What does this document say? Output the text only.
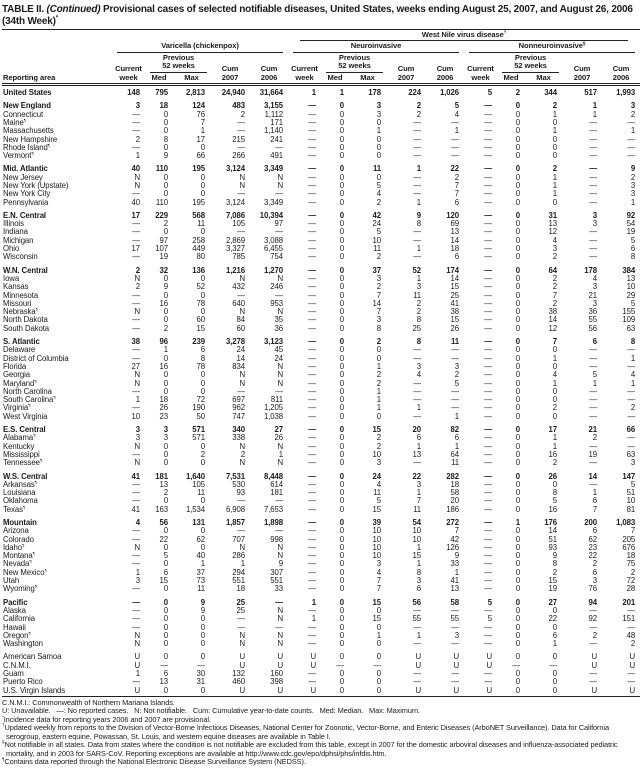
TABLE II. (Continued) Provisional cases of selected notifiable diseases, United States, weeks ending August 25, 2007, and August 26, 2006 (34th Week)*
Reporting area						West Nile virus disease†

	Varicella (chickenpox)					Neuroinvasive					Nonneuroinvasive§

	Current
week	Previous
52 weeks		Cum
2007	Cum
2006	Current
week	Previous
52 weeks		Cum
2007	Cum
2006	Current
week	Previous
52 weeks		Cum
2007	Cum
2006

		Med	Max				Med	Max				Med	Max		
United States	148	795	2,813	24,940	31,664	1	1	178	224	1,026	5	2	344	517	1,993
New England	3	18	124	483	3,155	—	0	3	2	5	—	0	2	1	3
Connecticut	—	0	76	2	1,112	—	0	3	2	4	—	0	1	1	2
Maine¶	—	0	7	—	171	—	0	0	—	—	—	0	0	—	—
Massachusetts	—	0	1	—	1,140	—	0	1	—	1	—	0	1	—	1
New Hampshire	2	8	17	215	241	—	0	0	—	—	—	0	0	—	—
Rhode Island¶	—	0	0	—	—	—	0	0	—	—	—	0	0	—	—
Vermont¶	1	9	66	266	491	—	0	0	—	—	—	0	0	—	—
Mid. Atlantic	40	110	195	3,124	3,349	—	0	11	1	22	—	0	2	—	9
New Jersey	N	0	0	N	N	—	0	0	—	2	—	0	1	—	2
New York (Upstate)	N	0	0	N	N	—	0	5	—	7	—	0	1	—	3
New York City	—	0	0	—	—	—	0	4	—	7	—	0	1	—	3
Pennsylvania	40	110	195	3,124	3,349	—	0	2	1	6	—	0	0	—	1
E.N. Central	17	229	568	7,086	10,394	—	0	42	9	120	—	0	31	3	92
Illinois	—	2	11	105	97	—	0	24	8	69	—	0	13	3	54
Indiana	—	0	0	—	—	—	0	5	—	13	—	0	12	—	19
Michigan	—	97	258	2,869	3,088	—	0	10	—	14	—	0	4	—	5
Ohio	17	107	449	3,327	6,455	—	0	11	1	18	—	0	3	—	6
Wisconsin	—	19	80	785	754	—	0	2	—	6	—	0	2	—	8
W.N. Central	2	32	136	1,216	1,270	—	0	37	52	174	—	0	64	178	384
Iowa	N	0	0	N	N	—	0	3	1	14	—	0	2	4	13
Kansas	2	9	52	432	246	—	0	2	3	15	—	0	2	3	10
Minnesota	—	0	0	—	—	—	0	7	11	25	—	0	7	21	29
Missouri	—	16	78	640	953	—	0	14	2	41	—	0	2	3	5
Nebraska¶	N	0	0	N	N	—	0	7	2	38	—	0	38	36	155
North Dakota	—	0	60	84	35	—	0	3	8	15	—	0	14	55	109
South Dakota	—	2	15	60	36	—	0	8	25	26	—	0	12	56	63
S. Atlantic	38	96	239	3,278	3,123	—	0	2	8	11	—	0	7	6	8
Delaware	—	1	6	24	45	—	0	0	—	—	—	0	0	—	—
District of Columbia	—	0	8	14	24	—	0	0	—	—	—	0	1	—	1
Florida	27	16	78	834	N	—	0	1	3	3	—	0	0	—	—
Georgia	N	0	0	N	N	—	0	2	4	2	—	0	4	5	4
Maryland¶	N	0	0	N	N	—	0	2	—	5	—	0	1	1	1
North Carolina	—	0	0	—	—	—	0	1	—	—	—	0	0	—	—
South Carolina¶	1	18	72	697	811	—	0	1	—	—	—	0	0	—	—
Virginia¶	—	26	190	962	1,205	—	0	1	1	—	—	0	2	—	2
West Virginia	10	23	50	747	1,038	—	0	0	—	1	—	0	0	—	—
E.S. Central	3	3	571	340	27	—	0	15	20	82	—	0	17	21	66
Alabama¶	3	3	571	338	26	—	0	2	6	6	—	0	1	2	—
Kentucky	N	0	0	N	N	—	0	2	1	1	—	0	1	—	—
Mississippi	—	0	2	2	1	—	0	10	13	64	—	0	16	19	63
Tennessee¶	N	0	0	N	N	—	0	3	—	11	—	0	2	—	3
W.S. Central	41	181	1,640	7,531	8,448	—	0	24	22	282	—	0	26	14	147
Arkansas¶	—	13	105	530	614	—	0	4	3	18	—	0	0	—	5
Louisiana	—	2	11	93	181	—	0	11	1	58	—	0	8	1	51
Oklahoma	—	0	0	—	—	—	0	5	7	20	—	0	5	6	10
Texas¶	41	163	1,534	6,908	7,653	—	0	15	11	186	—	0	16	7	81
Mountain	4	56	131	1,857	1,898	—	0	39	54	272	—	1	176	200	1,083
Arizona	—	0	0	—	—	—	0	10	10	7	—	0	14	6	7
Colorado	—	22	62	707	998	—	0	10	10	42	—	0	51	62	205
Idaho¶	N	0	0	N	N	—	0	10	1	126	—	0	93	23	676
Montana¶	—	5	40	286	N	—	0	10	15	9	—	0	9	22	18
Nevada¶	—	0	1	1	9	—	0	3	1	33	—	0	8	2	75
New Mexico¶	1	6	37	294	307	—	0	4	8	1	—	0	2	6	2
Utah	3	15	73	551	551	—	0	7	3	41	—	0	15	3	72
Wyoming¶	—	0	11	18	33	—	0	7	6	13	—	0	19	76	28
Pacific	—	0	9	25	—	1	0	15	56	58	5	0	27	94	201
Alaska	—	0	9	25	N	—	0	0	—	—	—	0	0	—	—
California	—	0	0	—	N	1	0	15	55	55	5	0	22	92	151
Hawaii	—	0	0	—	—	—	0	0	—	—	—	0	0	—	—
Oregon¶	N	0	0	N	N	—	0	1	1	3	—	0	6	2	48
Washington	N	0	0	N	N	—	0	0	—	—	—	0	1	—	2
American Samoa	U	0	0	U	U	U	0	0	U	U	U	0	0	U	U
C.N.M.I.	U	—	—	U	U	U	—	—	U	U	U	—	—	U	U
Guam	1	6	30	132	160	—	0	0	—	—	—	0	0	—	—
Puerto Rico	—	13	31	460	398	—	0	0	—	—	—	0	0	—	—
U.S. Virgin Islands	U	0	0	U	U	U	0	0	U	U	U	0	0	U	U

C.N.M.I.: Commonwealth of Northern Mariana Islands.

U: Unavailable.   —: No reported cases.   N: Not notifiable.   Cum: Cumulative year-to-date counts.   Med: Median.   Max: Maximum.

*Incidence data for reporting years 2006 and 2007 are provisional.

†Updated weekly from reports to the Division of Vector-Borne Infectious Diseases, National Center for Zoonotic, Vector-Borne, and Enteric Diseases (ArboNET Surveillance). Data for California serogroup, eastern equine, Powassan, St. Louis, and western equine diseases are available in Table I.

§Not notifiable in all states. Data from states where the condition is not notifiable are excluded from this table, except in 2007 for the domestic arboviral diseases and influenza-associated pediatric mortality, and in 2003 for SARS-CoV. Reporting exceptions are available at http://www.cdc.gov/epo/dphsi/phs/infdis.htm.

¶Contains data reported through the National Electronic Disease Surveillance System (NEDSS).
